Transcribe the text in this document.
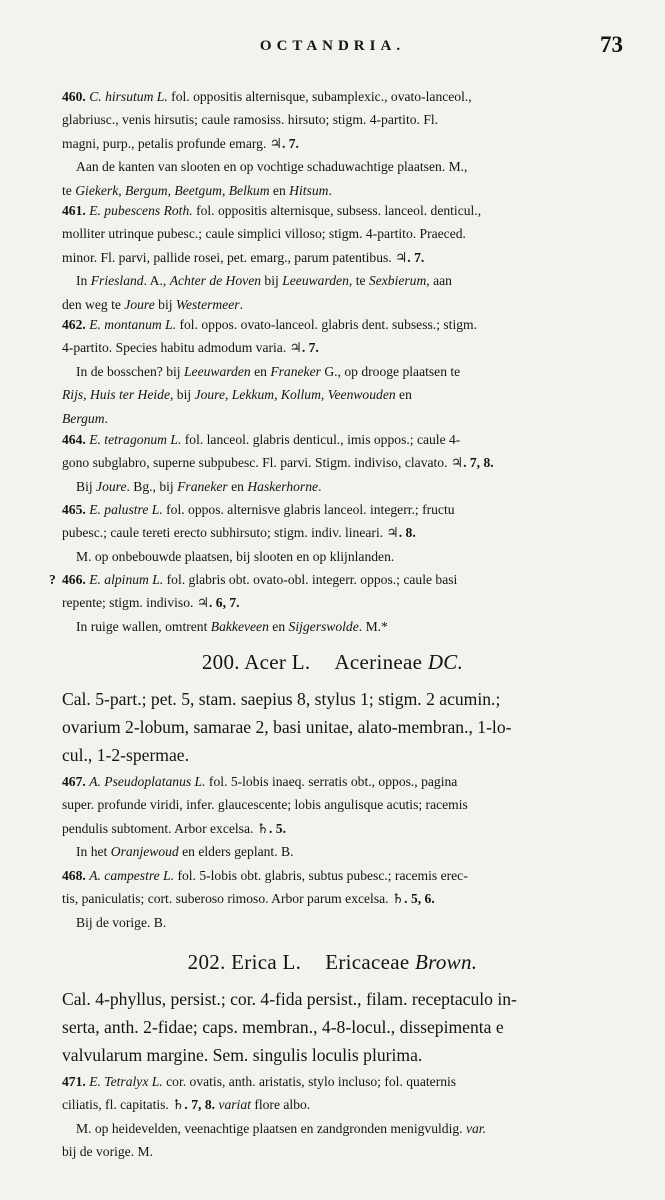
OCTANDRIA.	73
460. C. hirsutum L. fol. oppositis alternisque, subamplexic., ovato-lanceol.,
glabriusc., venis hirsutis; caule ramosiss. hirsuto; stigm. 4-partito. Fl.
magni, purp., petalis profunde emarg. ♃. 7.
Aan de kanten van slooten en op vochtige schaduwachtige plaatsen. M.,
te Giekerk, Bergum, Beetgum, Belkum en Hitsum.
461. E. pubescens Roth. fol. oppositis alternisque, subsess. lanceol. denticul.,
molliter utrinque pubesc.; caule simplici villoso; stigm. 4-partito. Praeced.
minor. Fl. parvi, pallide rosei, pet. emarg., parum patentibus. ♃. 7.
In Friesland. A., Achter de Hoven bij Leeuwarden, te Sexbierum, aan
den weg te Joure bij Westermeer.
462. E. montanum L. fol. oppos. ovato-lanceol. glabris dent. subsess.; stigm.
4-partito. Species habitu admodum varia. ♃. 7.
In de bosschen? bij Leeuwarden en Franeker G., op drooge plaatsen te
Rijs, Huis ter Heide, bij Joure, Lekkum, Kollum, Veenwouden en
Bergum.
464. E. tetragonum L. fol. lanceol. glabris denticul., imis oppos.; caule 4-
gono subglabro, superne subpubesc. Fl. parvi. Stigm. indiviso, clavato. ♃. 7, 8.
Bij Joure. Bg., bij Franeker en Haskerhorne.
465. E. palustre L. fol. oppos. alternisve glabris lanceol. integerr.; fructu
pubesc.; caule tereti erecto subhirsuto; stigm. indiv. lineari. ♃. 8.
M. op onbebouwde plaatsen, bij slooten en op klijnlanden.
? 466. E. alpinum L. fol. glabris obt. ovato-obl. integerr. oppos.; caule basi
repente; stigm. indiviso. ♃. 6, 7.
In ruige wallen, omtrent Bakkeveen en Sijgerswolde. M.*
200. Acer L. Acerineae DC.
Cal. 5-part.; pet. 5, stam. saepius 8, stylus 1; stigm. 2 acumin.;
ovarium 2-lobum, samarae 2, basi unitae, alato-membran., 1-lo-
cul., 1-2-spermae.
467. A. Pseudoplatanus L. fol. 5-lobis inaeq. serratis obt., oppos., pagina
super. profunde viridi, infer. glaucescente; lobis angulisque acutis; racemis
pendulis subtoment. Arbor excelsa. ♄. 5.
In het Oranjewoud en elders geplant. B.
468. A. campestre L. fol. 5-lobis obt. glabris, subtus pubesc.; racemis erec-
tis, paniculatis; cort. suberoso rimoso. Arbor parum excelsa. ♄. 5, 6.
Bij de vorige. B.
202. Erica L. Ericaceae Brown.
Cal. 4-phyllus, persist.; cor. 4-fida persist., filam. receptaculo in-
serta, anth. 2-fidae; caps. membran., 4-8-locul., dissepimenta e
valvularum margine. Sem. singulis loculis plurima.
471. E. Tetralyx L. cor. ovatis, anth. aristatis, stylo incluso; fol. quaternis
ciliatis, fl. capitatis. ♄. 7, 8. variat flore albo.
M. op heidevelden, veenachtige plaatsen en zandgronden menigvuldig. var.
bij de vorige. M.
